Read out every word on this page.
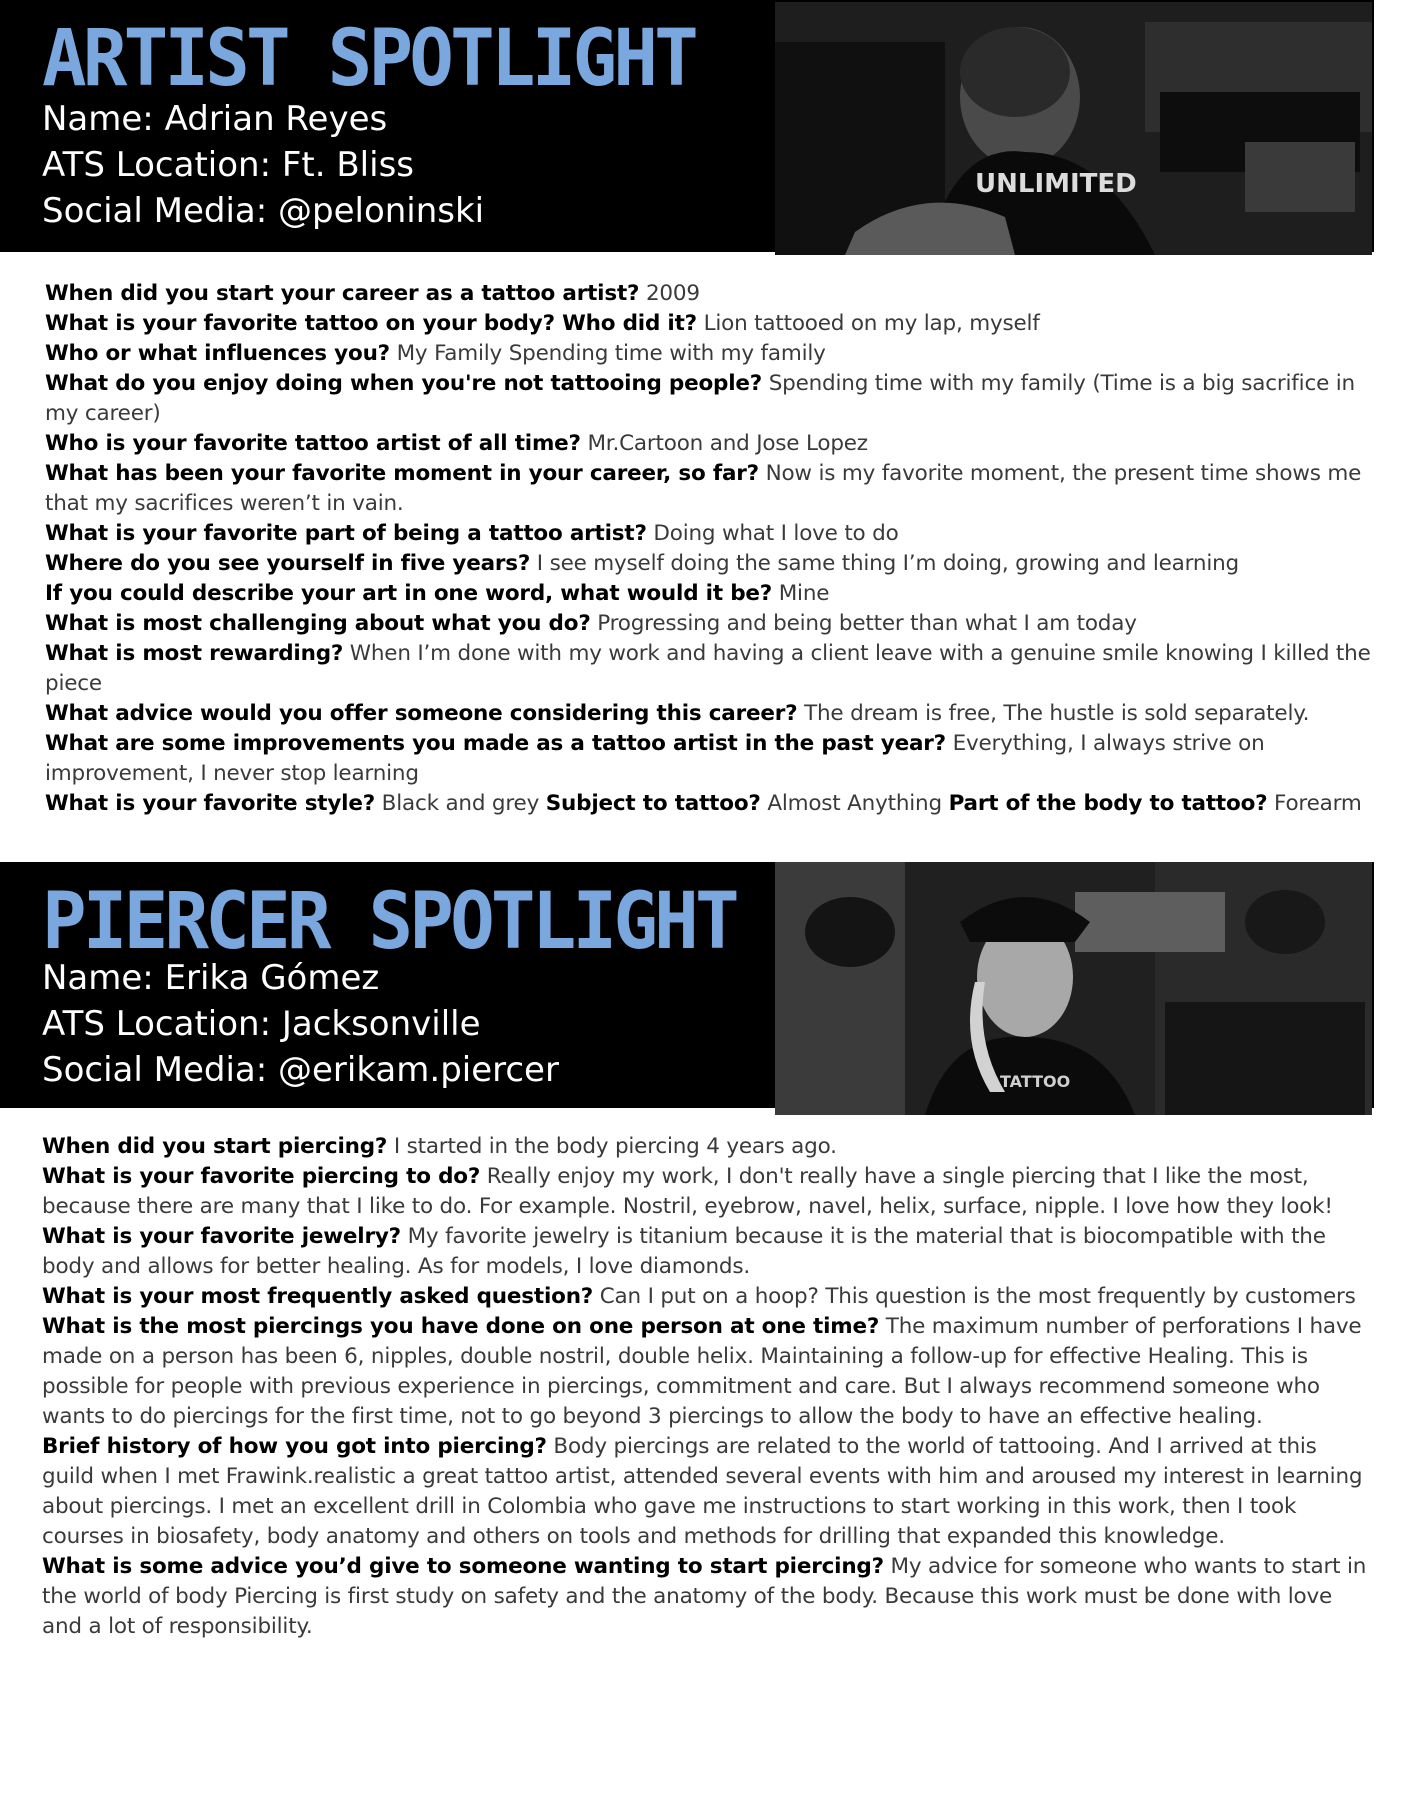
UNLIMITED
ARTIST SPOTLIGHT
Name: Adrian Reyes
ATS Location: Ft. Bliss
Social Media: @peloninski

When did you start your career as a tattoo artist? 2009

What is your favorite tattoo on your body? Who did it? Lion tattooed on my lap, myself

Who or what influences you? My Family Spending time with my family

What do you enjoy doing when you're not tattooing people? Spending time with my family (Time is a big sacrifice in my career)

Who is your favorite tattoo artist of all time? Mr.Cartoon and Jose Lopez

What has been your favorite moment in your career, so far? Now is my favorite moment, the present time shows me that my sacrifices weren’t in vain.

What is your favorite part of being a tattoo artist? Doing what I love to do

Where do you see yourself in five years? I see myself doing the same thing I’m doing, growing and learning

If you could describe your art in one word, what would it be? Mine

What is most challenging about what you do? Progressing and being better than what I am today

What is most rewarding? When I’m done with my work and having a client leave with a genuine smile knowing I killed the piece

What advice would you offer someone considering this career? The dream is free, The hustle is sold separately.

What are some improvements you made as a tattoo artist in the past year? Everything, I always strive on improvement, I never stop learning

What is your favorite style? Black and grey Subject to tattoo? Almost Anything Part of the body to tattoo? Forearm

TATTOO
PIERCER SPOTLIGHT
Name: Erika Gómez
ATS Location: Jacksonville
Social Media: @erikam.piercer

When did you start piercing? I started in the body piercing 4 years ago.

What is your favorite piercing to do? Really enjoy my work, I don't really have a single piercing that I like the most, because there are many that I like to do. For example. Nostril, eyebrow, navel, helix, surface, nipple. I love how they look!

What is your favorite jewelry? My favorite jewelry is titanium because it is the material that is biocompatible with the body and allows for better healing. As for models, I love diamonds.

What is your most frequently asked question? Can I put on a hoop? This question is the most frequently by customers

What is the most piercings you have done on one person at one time? The maximum number of perforations I have made on a person has been 6, nipples, double nostril, double helix. Maintaining a follow-up for effective Healing. This is possible for people with previous experience in piercings, commitment and care. But I always recommend someone who wants to do piercings for the first time, not to go beyond 3 piercings to allow the body to have an effective healing.

Brief history of how you got into piercing? Body piercings are related to the world of tattooing. And I arrived at this guild when I met Frawink.realistic a great tattoo artist, attended several events with him and aroused my interest in learning about piercings. I met an excellent drill in Colombia who gave me instructions to start working in this work, then I took courses in biosafety, body anatomy and others on tools and methods for drilling that expanded this knowledge.

What is some advice you’d give to someone wanting to start piercing? My advice for someone who wants to start in the world of body Piercing is first study on safety and the anatomy of the body. Because this work must be done with love and a lot of responsibility.
